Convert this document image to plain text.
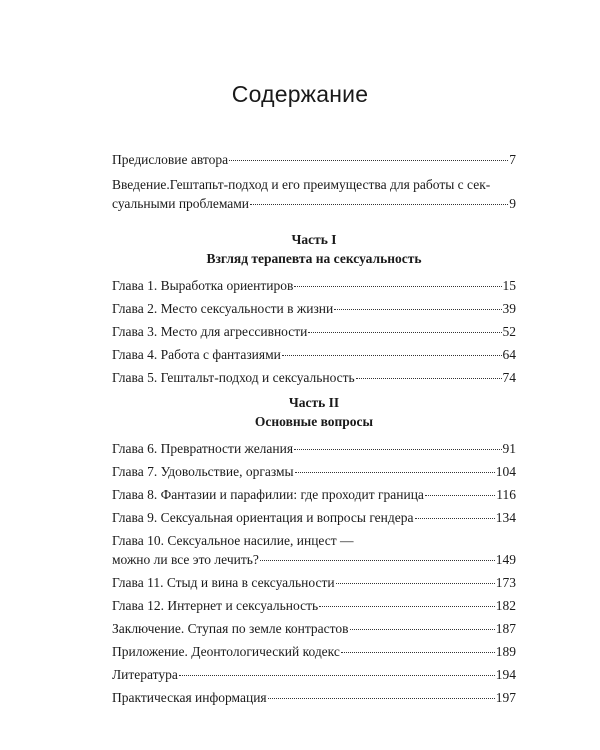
Содержание
Предисловие автора	7
Введение.Гештапьт-подход и его преимущества для работы с сек-
суальными проблемами	9
Часть I
Взгляд терапевта на сексуальность
Глава 1. Выработка ориентиров	15
Глава 2. Место сексуальности в жизни	39
Глава 3. Место для агрессивности	52
Глава 4. Работа с фантазиями	64
Глава 5. Гештальт-подход и сексуальность	74
Часть II
Основные вопросы
Глава 6. Превратности желания	91
Глава 7. Удовольствие, оргазмы	104
Глава 8. Фантазии и парафилии: где проходит граница	116
Глава 9. Сексуальная ориентация и вопросы гендера	134
Глава 10. Сексуальное насилие, инцест —
можно ли все это лечить?	149
Глава 11. Стыд и вина в сексуальности	173
Глава 12. Интернет и сексуальность	182
Заключение. Ступая по земле контрастов	187
Приложение. Деонтологический кодекс	189
Литература	194
Практическая информация	197
